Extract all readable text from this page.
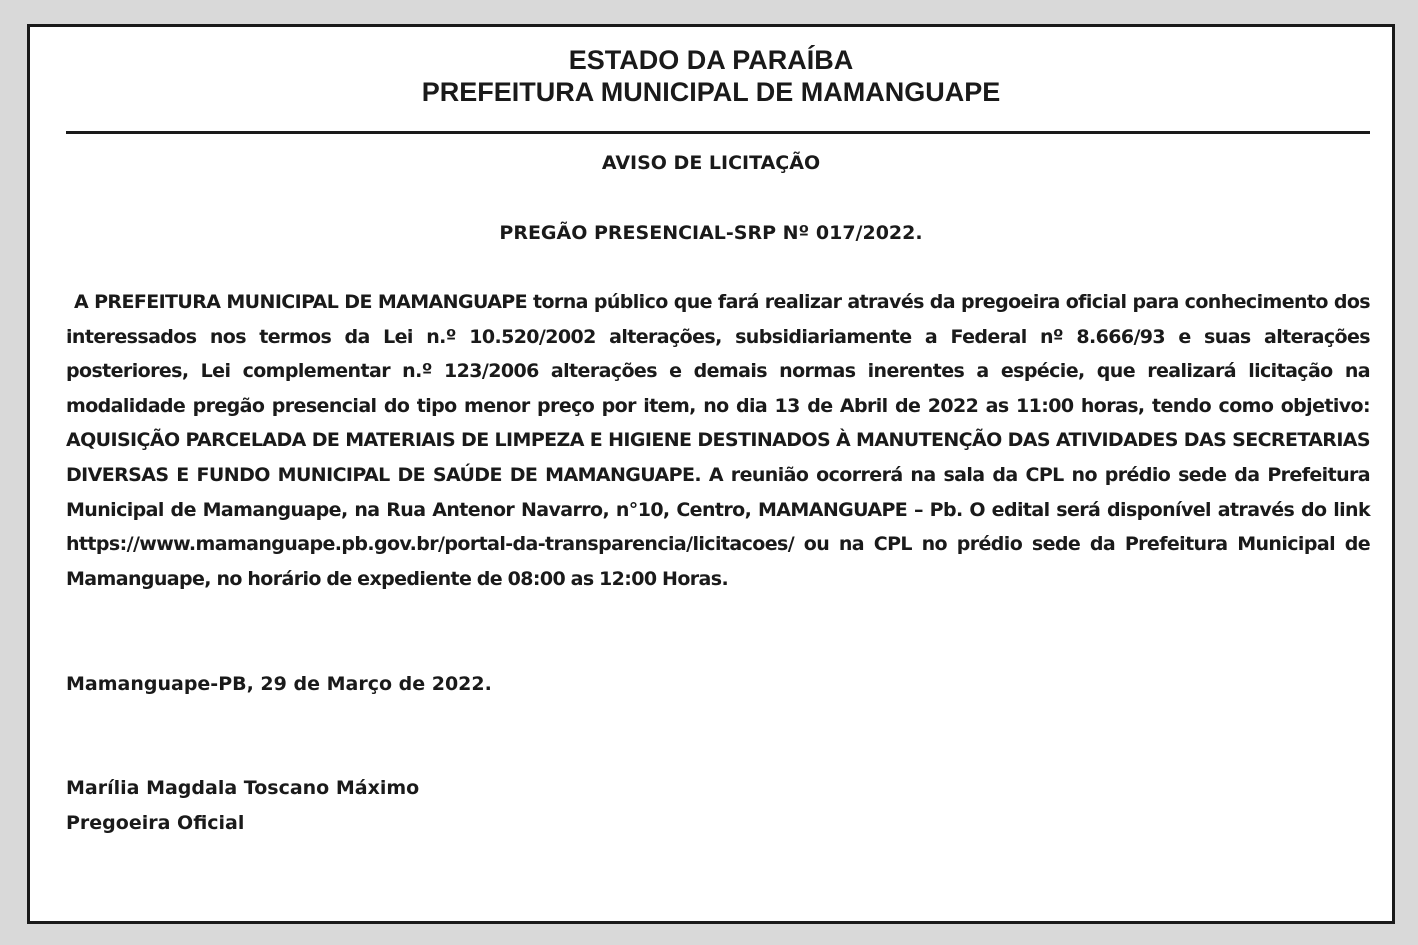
ESTADO DA PARAÍBA
PREFEITURA MUNICIPAL DE MAMANGUAPE
AVISO DE LICITAÇÃO
PREGÃO PRESENCIAL-SRP Nº 017/2022.

A PREFEITURA MUNICIPAL DE MAMANGUAPE torna público que fará realizar através da pregoeira oficial para conhecimento dos interessados nos termos da Lei n.º 10.520/2002 alterações, subsidiariamente a Federal nº 8.666/93 e suas alterações posteriores, Lei complementar n.º 123/2006 alterações e demais normas inerentes a espécie, que realizará licitação na modalidade pregão presencial do tipo menor preço por item, no dia 13 de Abril de 2022 as 11:00 horas, tendo como objetivo: AQUISIÇÃO PARCELADA DE MATERIAIS DE LIMPEZA E HIGIENE DESTINADOS À MANUTENÇÃO DAS ATIVIDADES DAS SECRETARIAS DIVERSAS E FUNDO MUNICIPAL DE SAÚDE DE MAMANGUAPE. A reunião ocorrerá na sala da CPL no prédio sede da Prefeitura Municipal de Mamanguape, na Rua Antenor Navarro, n°10, Centro, MAMANGUAPE – Pb. O edital será disponível através do link https://www.mamanguape.pb.gov.br/portal-da-transparencia/licitacoes/ ou na CPL no prédio sede da Prefeitura Municipal de Mamanguape, no horário de expediente de 08:00 as 12:00 Horas.

Mamanguape-PB, 29 de Março de 2022.
Marília Magdala Toscano Máximo
Pregoeira Oficial
